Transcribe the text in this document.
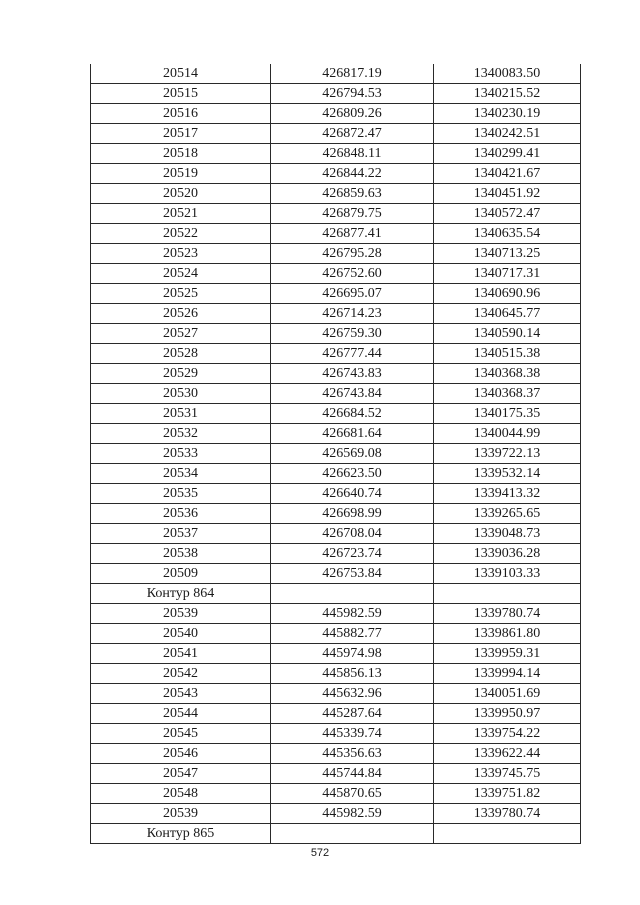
20514	426817.19	1340083.50
20515	426794.53	1340215.52
20516	426809.26	1340230.19
20517	426872.47	1340242.51
20518	426848.11	1340299.41
20519	426844.22	1340421.67
20520	426859.63	1340451.92
20521	426879.75	1340572.47
20522	426877.41	1340635.54
20523	426795.28	1340713.25
20524	426752.60	1340717.31
20525	426695.07	1340690.96
20526	426714.23	1340645.77
20527	426759.30	1340590.14
20528	426777.44	1340515.38
20529	426743.83	1340368.38
20530	426743.84	1340368.37
20531	426684.52	1340175.35
20532	426681.64	1340044.99
20533	426569.08	1339722.13
20534	426623.50	1339532.14
20535	426640.74	1339413.32
20536	426698.99	1339265.65
20537	426708.04	1339048.73
20538	426723.74	1339036.28
20509	426753.84	1339103.33
Контур 864		
20539	445982.59	1339780.74
20540	445882.77	1339861.80
20541	445974.98	1339959.31
20542	445856.13	1339994.14
20543	445632.96	1340051.69
20544	445287.64	1339950.97
20545	445339.74	1339754.22
20546	445356.63	1339622.44
20547	445744.84	1339745.75
20548	445870.65	1339751.82
20539	445982.59	1339780.74
Контур 865		
572
